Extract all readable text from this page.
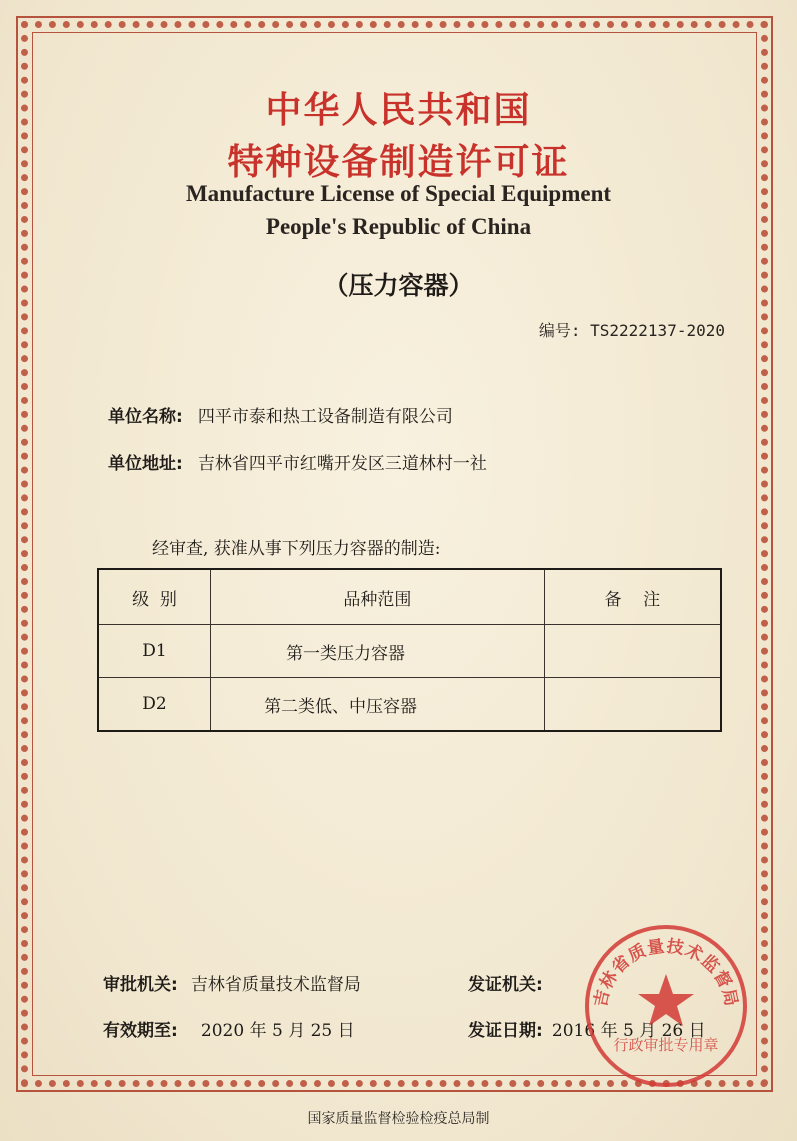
中华人民共和国
特种设备制造许可证
Manufacture License of Special Equipment
People's Republic of China
（压力容器）
编号: TS2222137-2020
单位名称: 四平市泰和热工设备制造有限公司
单位地址: 吉林省四平市红嘴开发区三道林村一社
经审查, 获准从事下列压力容器的制造:
级  别	品种范围	备    注
D1	第一类压力容器	
D2	第二类低、中压容器	
审批机关: 吉林省质量技术监督局	发证机关:
有效期至: 2020 年 5 月 25 日	发证日期: 2016 年 5 月 26 日
吉林省质量技术监督局
行政审批专用章
国家质量监督检验检疫总局制
